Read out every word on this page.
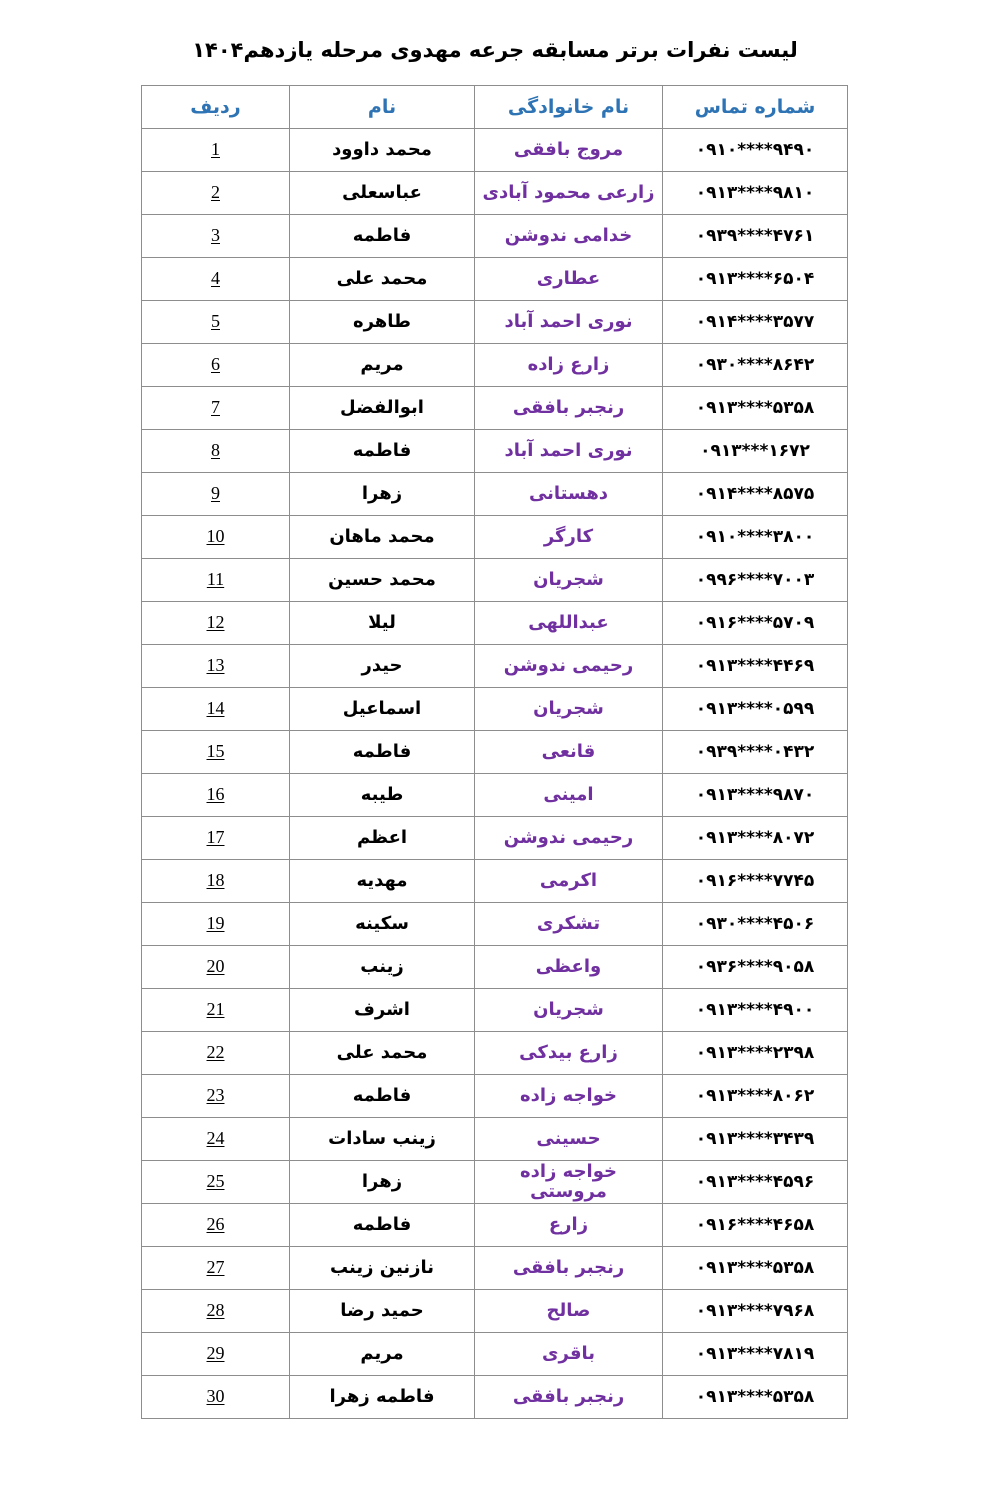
لیست نفرات برتر مسابقه جرعه مهدوی مرحله یازدهم۱۴۰۴
شماره تماس	نام خانوادگی	نام	ردیف
۰۹۱۰****۹۴۹۰	مروج بافقی	محمد داوود	1
۰۹۱۳****۹۸۱۰	زارعی محمود آبادی	عباسعلی	2
۰۹۳۹****۴۷۶۱	خدامی ندوشن	فاطمه	3
۰۹۱۳****۶۵۰۴	عطاری	محمد علی	4
۰۹۱۴****۳۵۷۷	نوری احمد آباد	طاهره	5
۰۹۳۰****۸۶۴۲	زارع زاده	مریم	6
۰۹۱۳****۵۳۵۸	رنجبر بافقی	ابوالفضل	7
۰۹۱۳***۱۶۷۲	نوری احمد آباد	فاطمه	8
۰۹۱۴****۸۵۷۵	دهستانی	زهرا	9
۰۹۱۰****۳۸۰۰	کارگر	محمد ماهان	10
۰۹۹۶****۷۰۰۳	شجریان	محمد حسین	11
۰۹۱۶****۵۷۰۹	عبداللهی	لیلا	12
۰۹۱۳****۴۴۶۹	رحیمی ندوشن	حیدر	13
۰۹۱۳****۰۵۹۹	شجریان	اسماعیل	14
۰۹۳۹****۰۴۳۲	قانعی	فاطمه	15
۰۹۱۳****۹۸۷۰	امینی	طیبه	16
۰۹۱۳****۸۰۷۲	رحیمی ندوشن	اعظم	17
۰۹۱۶****۷۷۴۵	اکرمی	مهدیه	18
۰۹۳۰****۴۵۰۶	تشکری	سکینه	19
۰۹۳۶****۹۰۵۸	واعظی	زینب	20
۰۹۱۳****۴۹۰۰	شجریان	اشرف	21
۰۹۱۳****۲۳۹۸	زارع بیدکی	محمد علی	22
۰۹۱۳****۸۰۶۲	خواجه زاده	فاطمه	23
۰۹۱۳****۳۴۳۹	حسینی	زینب سادات	24
۰۹۱۳****۴۵۹۶	خواجه زاده مروستی	زهرا	25
۰۹۱۶****۴۶۵۸	زارع	فاطمه	26
۰۹۱۳****۵۳۵۸	رنجبر بافقی	نازنین زینب	27
۰۹۱۳****۷۹۶۸	صالح	حمید رضا	28
۰۹۱۳****۷۸۱۹	باقری	مریم	29
۰۹۱۳****۵۳۵۸	رنجبر بافقی	فاطمه زهرا	30
